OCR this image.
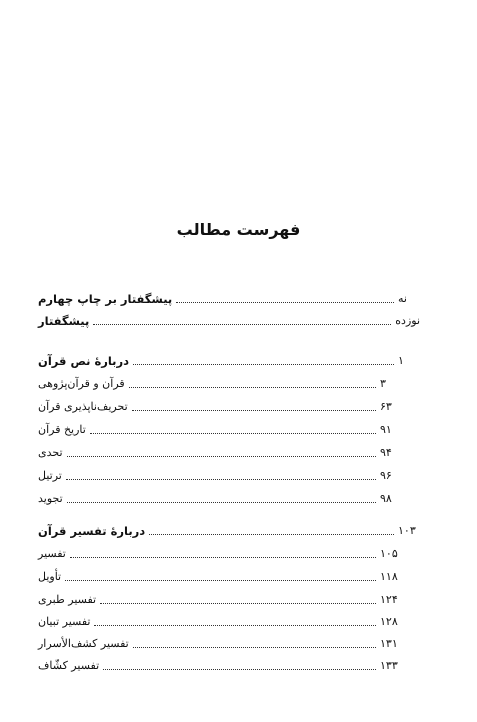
فهرست مطالب
پیشگفتار بر چاپ چهارم	نه
پیشگفتار	نوزده
دربارهٔ نص قرآن	۱
قرآن و قرآن‌پژوهی	۳
تحریف‌ناپذیری قرآن	۶۳
تاریخ قرآن	۹۱
تحدی	۹۴
ترتیل	۹۶
تجوید	۹۸
دربارهٔ تفسیر قرآن	۱۰۳
تفسیر	۱۰۵
تأویل	۱۱۸
تفسیر طبری	۱۲۴
تفسیر تبیان	۱۲۸
تفسیر کشف‌الأسرار	۱۳۱
تفسیر کشّاف	۱۳۳
